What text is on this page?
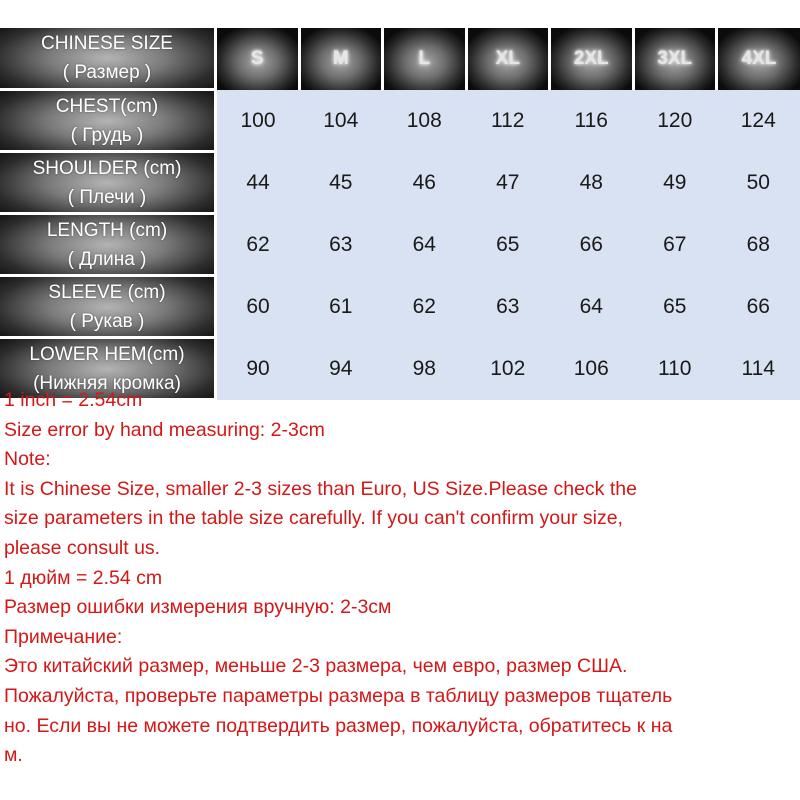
CHINESE SIZE
( Размер )	S	M	L	XL	2XL	3XL	4XL

CHEST(cm)
( Грудь )	100	104	108	112	116	120	124

SHOULDER (cm)
( Плечи )	44	45	46	47	48	49	50

LENGTH (cm)
( Длина )	62	63	64	65	66	67	68

SLEEVE (cm)
( Рукав )	60	61	62	63	64	65	66

LOWER HEM(cm)
(Нижняя кромка)	90	94	98	102	106	110	114
1 inch = 2.54cm
Size error by hand measuring: 2-3cm
Note:
It is Chinese Size, smaller 2-3 sizes than Euro, US Size.Please check the
size parameters in the table size carefully. If you can't confirm your size,
please consult us.
1 дюйм = 2.54 cm
Размер ошибки измерения вручную: 2-3см
Примечание:
Это китайский размер, меньше 2-3 размера, чем евро, размер США.
Пожалуйста, проверьте параметры размера в таблицу размеров тщатель
но. Если вы не можете подтвердить размер, пожалуйста, обратитесь к на
м.
